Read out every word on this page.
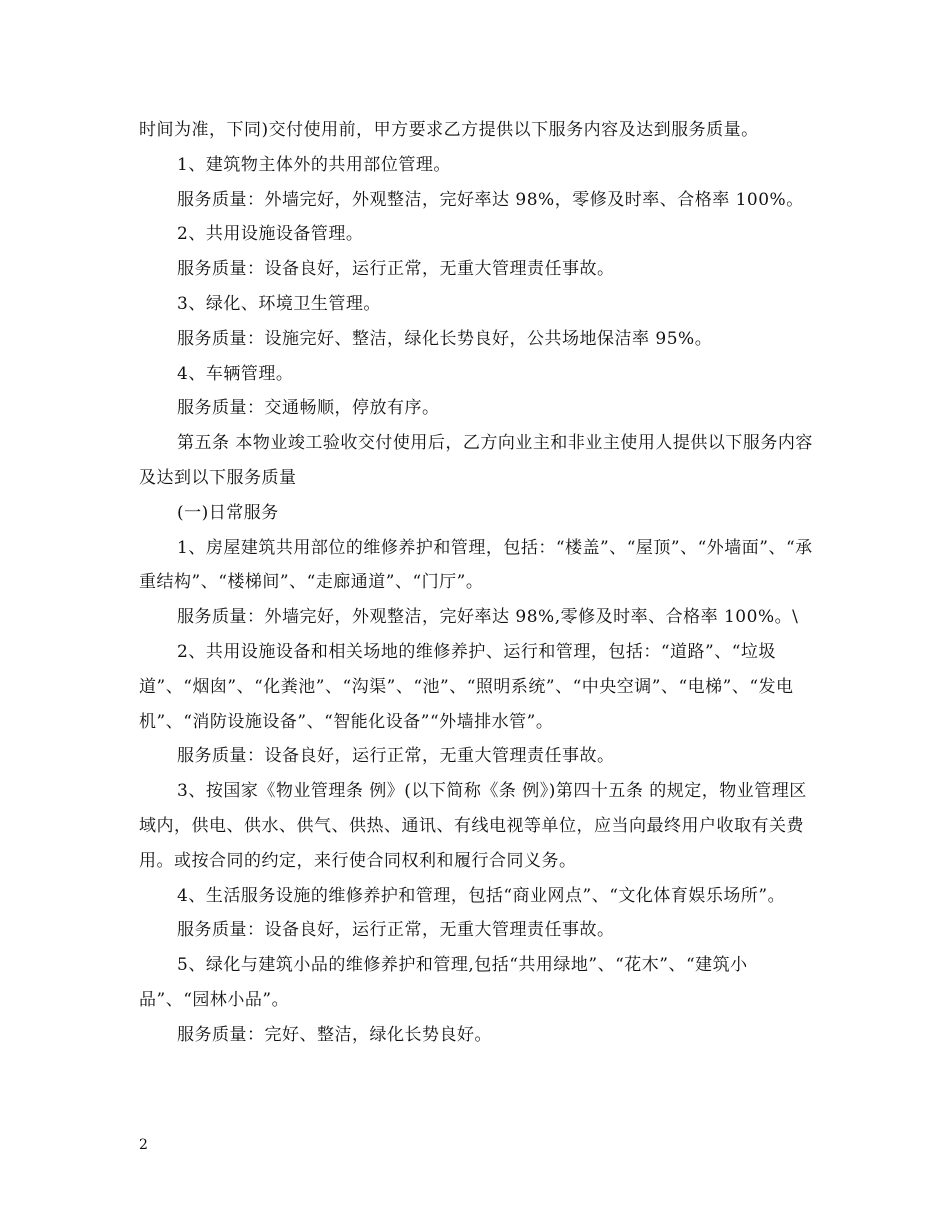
时间为准，下同)交付使用前，甲方要求乙方提供以下服务内容及达到服务质量。

1、建筑物主体外的共用部位管理。

服务质量：外墙完好，外观整洁，完好率达 98%，零修及时率、合格率 100%。

2、共用设施设备管理。

服务质量：设备良好，运行正常，无重大管理责任事故。

3、绿化、环境卫生管理。

服务质量：设施完好、整洁，绿化长势良好，公共场地保洁率 95%。

4、车辆管理。

服务质量：交通畅顺，停放有序。

第五条 本物业竣工验收交付使用后，乙方向业主和非业主使用人提供以下服务内容及达到以下服务质量

(一)日常服务

1、房屋建筑共用部位的维修养护和管理，包括：“楼盖”、“屋顶”、“外墙面”、“承重结构”、“楼梯间”、“走廊通道”、“门厅”。

服务质量：外墙完好，外观整洁，完好率达 98%,零修及时率、合格率 100%。\

2、共用设施设备和相关场地的维修养护、运行和管理，包括：“道路”、“垃圾道”、“烟囱”、“化粪池”、“沟渠”、“池”、“照明系统”、“中央空调”、“电梯”、“发电机”、“消防设施设备”、“智能化设备”“外墙排水管”。

服务质量：设备良好，运行正常，无重大管理责任事故。

3、按国家《物业管理条 例》(以下简称《条 例》)第四十五条 的规定，物业管理区域内，供电、供水、供气、供热、通讯、有线电视等单位，应当向最终用户收取有关费用。或按合同的约定，来行使合同权利和履行合同义务。

4、生活服务设施的维修养护和管理，包括“商业网点”、“文化体育娱乐场所”。

服务质量：设备良好，运行正常，无重大管理责任事故。

5、绿化与建筑小品的维修养护和管理,包括“共用绿地”、“花木”、“建筑小品”、“园林小品”。

服务质量：完好、整洁，绿化长势良好。

2
